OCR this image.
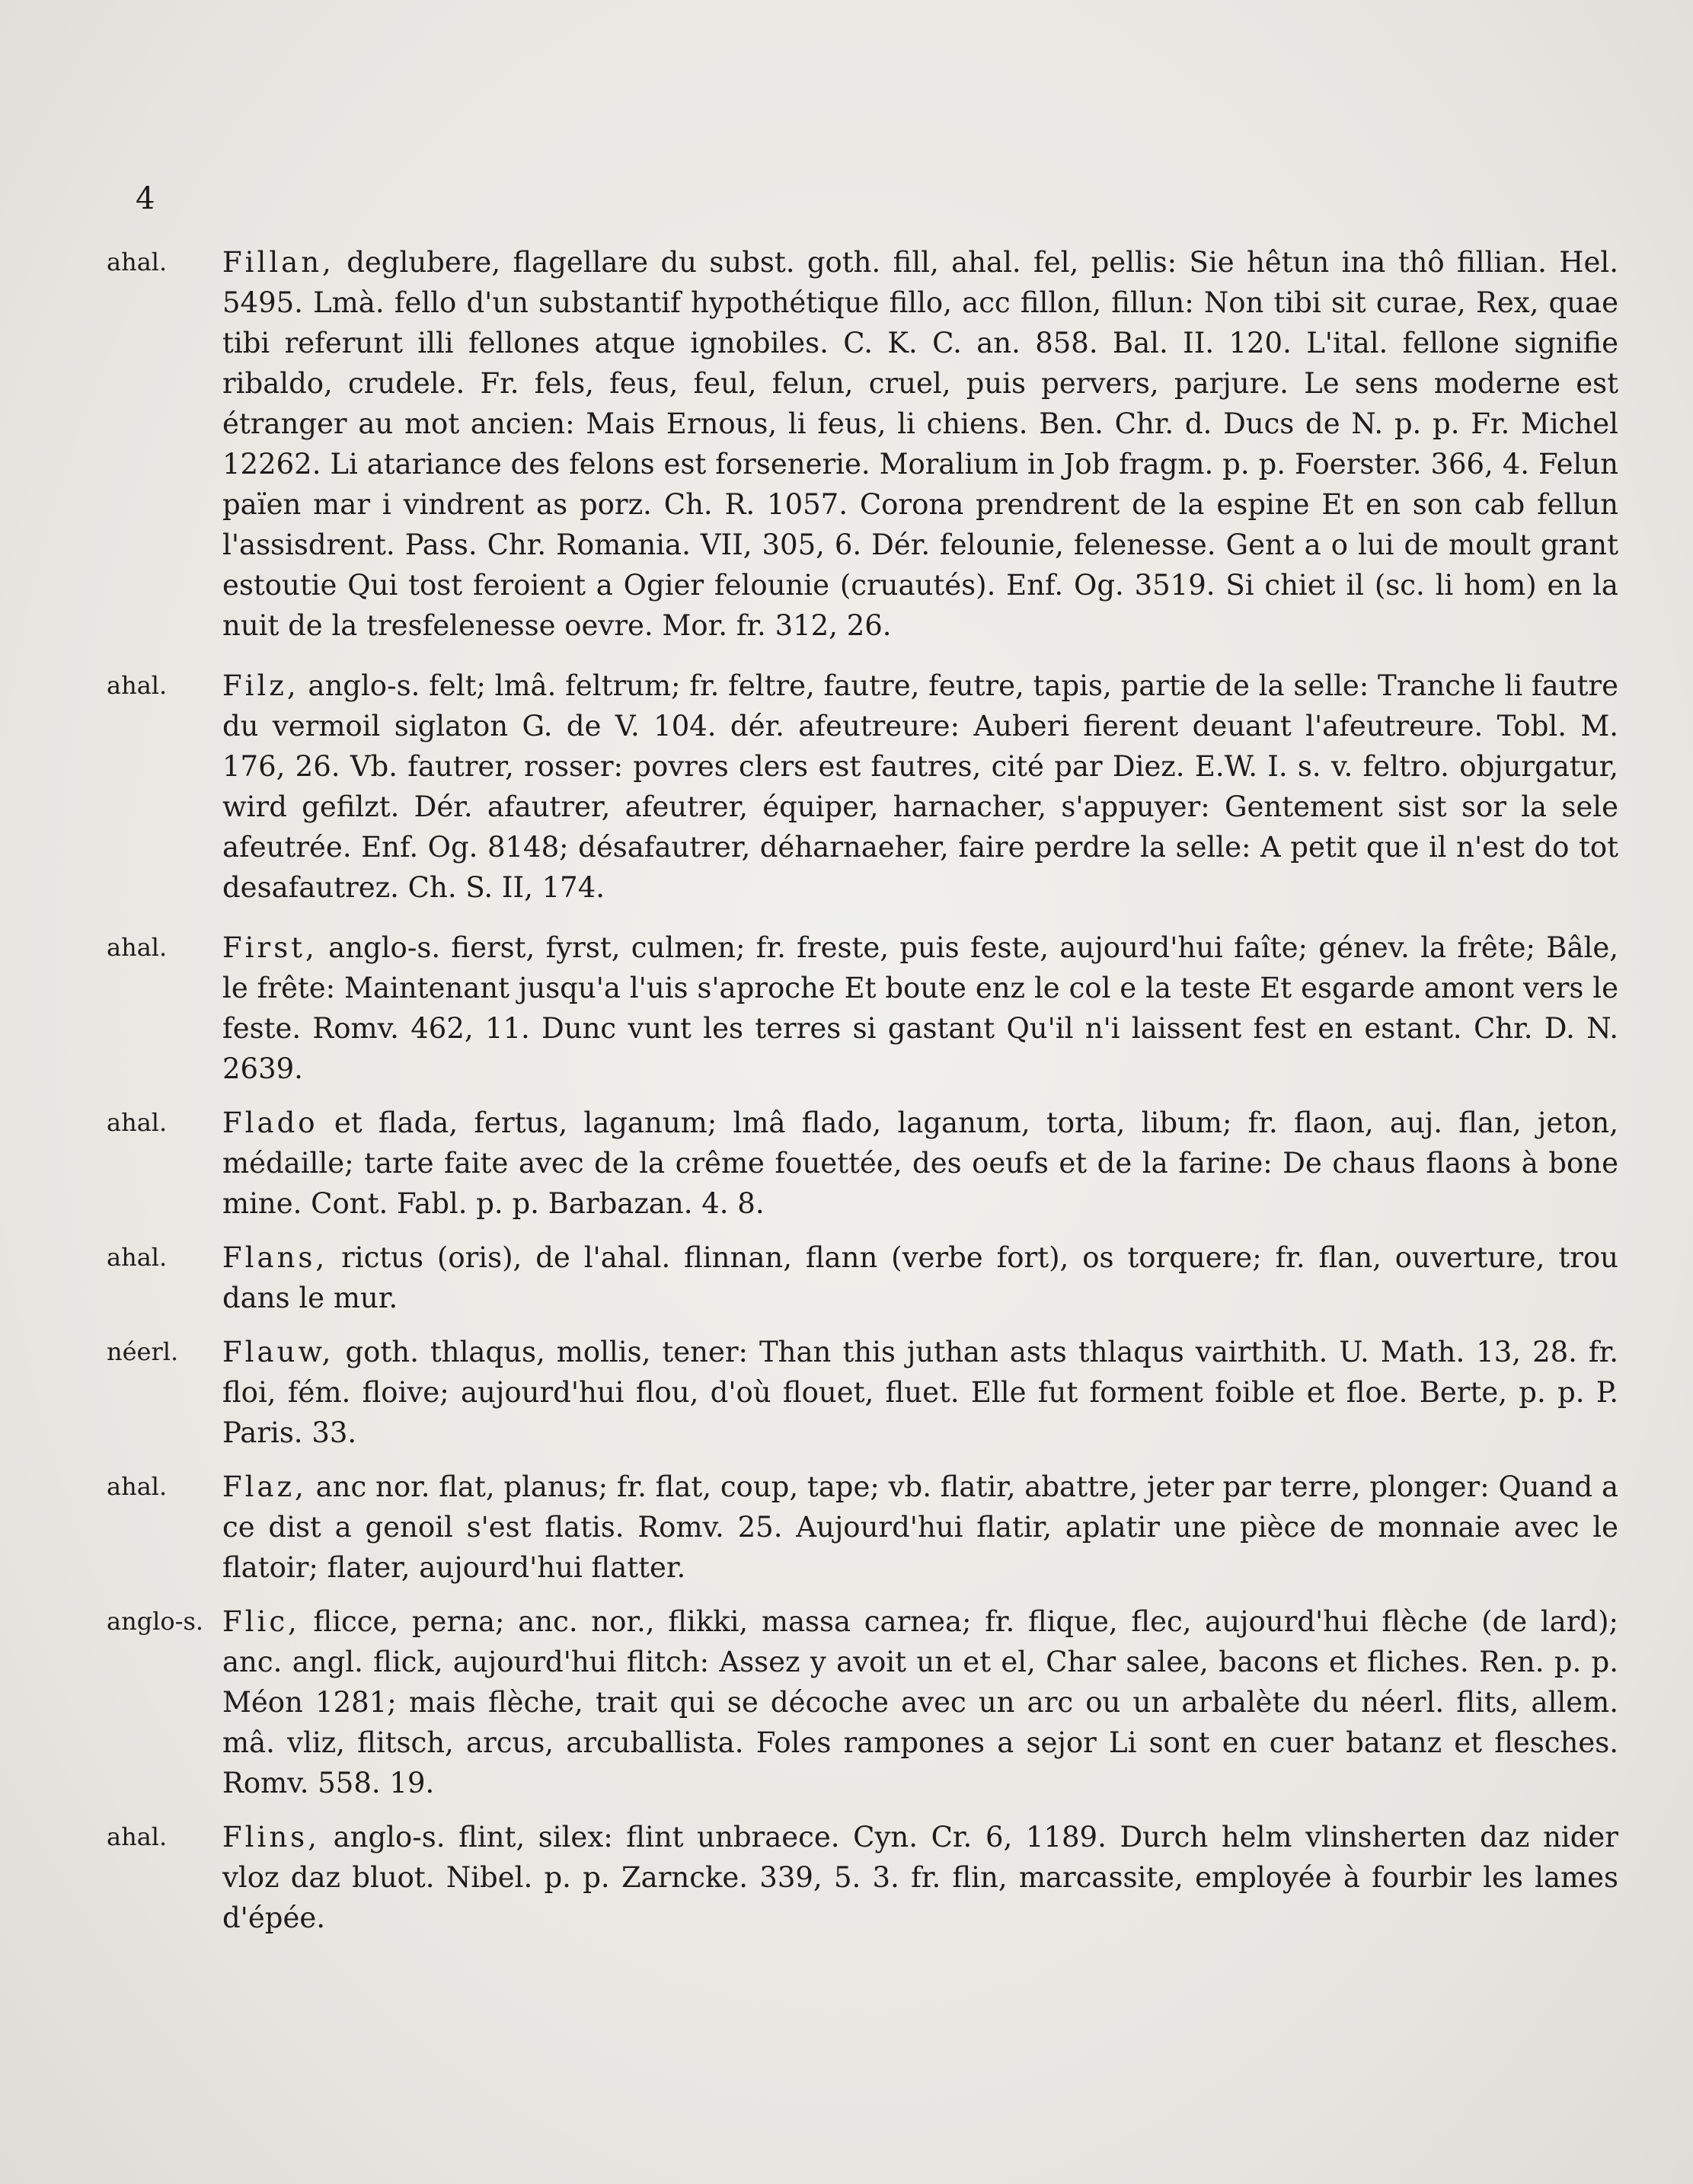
4
ahal.	Fillan, deglubere, flagellare du subst. goth. fill, ahal. fel, pellis: Sie hêtun ina thô fillian. Hel. 5495. Lmà. fello d'un substantif hypothétique fillo, acc fillon, fillun: Non tibi sit curae, Rex, quae tibi referunt illi fellones atque ignobiles. C. K. C. an. 858. Bal. II. 120. L'ital. fellone signifie ribaldo, crudele. Fr. fels, feus, feul, felun, cruel, puis pervers, parjure. Le sens moderne est étranger au mot ancien: Mais Ernous, li feus, li chiens. Ben. Chr. d. Ducs de N. p. p. Fr. Michel 12262. Li atariance des felons est forsenerie. Moralium in Job fragm. p. p. Foerster. 366, 4. Felun païen mar i vindrent as porz. Ch. R. 1057. Corona prendrent de la espine Et en son cab fellun l'assisdrent. Pass. Chr. Romania. VII, 305, 6. Dér. felounie, felenesse. Gent a o lui de moult grant estoutie Qui tost feroient a Ogier felounie (cruautés). Enf. Og. 3519. Si chiet il (sc. li hom) en la nuit de la tresfelenesse oevre. Mor. fr. 312, 26.

ahal.	Filz, anglo-s. felt; lmâ. feltrum; fr. feltre, fautre, feutre, tapis, partie de la selle: Tranche li fautre du vermoil siglaton G. de V. 104. dér. afeutreure: Auberi fierent deuant l'afeutreure. Tobl. M. 176, 26. Vb. fautrer, rosser: povres clers est fautres, cité par Diez. E.W. I. s. v. feltro. objurgatur, wird gefilzt. Dér. afautrer, afeutrer, équiper, harnacher, s'appuyer: Gentement sist sor la sele afeutrée. Enf. Og. 8148; désafautrer, déharnaeher, faire perdre la selle: A petit que il n'est do tot desafautrez. Ch. S. II, 174.

ahal.	First, anglo-s. fierst, fyrst, culmen; fr. freste, puis feste, aujourd'hui faîte; génev. la frête; Bâle, le frête: Maintenant jusqu'a l'uis s'aproche Et boute enz le col e la teste Et esgarde amont vers le feste. Romv. 462, 11. Dunc vunt les terres si gastant Qu'il n'i laissent fest en estant. Chr. D. N. 2639.

ahal.	Flado et flada, fertus, laganum; lmâ flado, laganum, torta, libum; fr. flaon, auj. flan, jeton, médaille; tarte faite avec de la crême fouettée, des oeufs et de la farine: De chaus flaons à bone mine. Cont. Fabl. p. p. Barbazan. 4. 8.

ahal.	Flans, rictus (oris), de l'ahal. flinnan, flann (verbe fort), os torquere; fr. flan, ouverture, trou dans le mur.

néerl.	Flauw, goth. thlaqus, mollis, tener: Than this juthan asts thlaqus vairthith. U. Math. 13, 28. fr. floi, fém. floive; aujourd'hui flou, d'où flouet, fluet. Elle fut forment foible et floe. Berte, p. p. P. Paris. 33.

ahal.	Flaz, anc nor. flat, planus; fr. flat, coup, tape; vb. flatir, abattre, jeter par terre, plonger: Quand a ce dist a genoil s'est flatis. Romv. 25. Aujourd'hui flatir, aplatir une pièce de monnaie avec le flatoir; flater, aujourd'hui flatter.

anglo-s. Flic, flicce, perna; anc. nor., flikki, massa carnea; fr. flique, flec, aujourd'hui flèche (de lard); anc. angl. flick, aujourd'hui flitch: Assez y avoit un et el, Char salee, bacons et fliches. Ren. p. p. Méon 1281; mais flèche, trait qui se décoche avec un arc ou un arbalète du néerl. flits, allem. mâ. vliz, flitsch, arcus, arcuballista. Foles rampones a sejor Li sont en cuer batanz et flesches. Romv. 558. 19.

ahal.	Flins, anglo-s. flint, silex: flint unbraece. Cyn. Cr. 6, 1189. Durch helm vlinsherten daz nider vloz daz bluot. Nibel. p. p. Zarncke. 339, 5. 3. fr. flin, marcassite, employée à fourbir les lames d'épée.
